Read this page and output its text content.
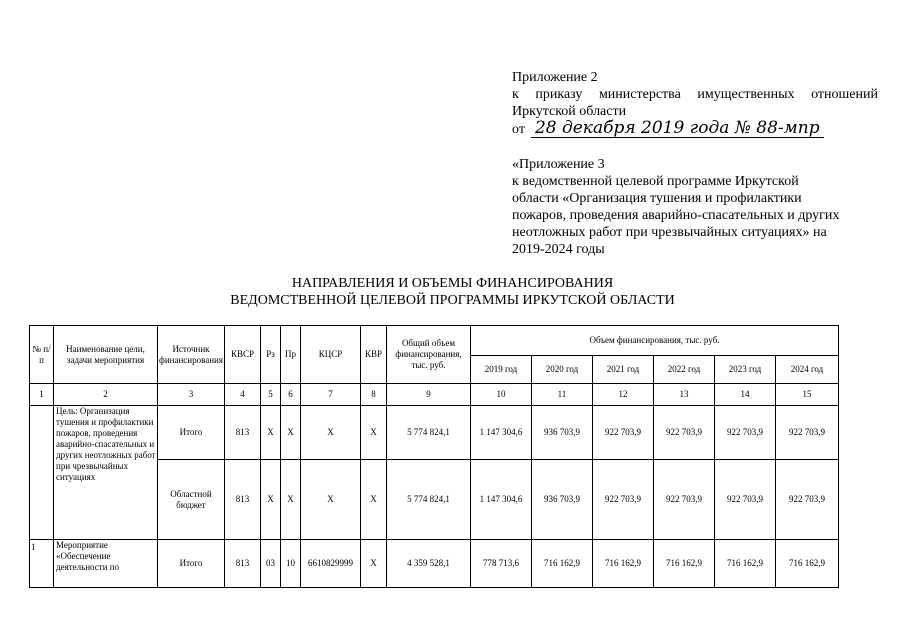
Приложение 2
к приказу министерства имущественных отношений
Иркутской области
от 28 декабря 2019 года № 88-мпр
«Приложение 3
к ведомственной целевой программе Иркутской
области «Организация тушения и профилактики
пожаров, проведения аварийно-спасательных и других
неотложных работ при чрезвычайных ситуациях» на
2019-2024 годы
НАПРАВЛЕНИЯ И ОБЪЕМЫ ФИНАНСИРОВАНИЯ
ВЕДОМСТВЕННОЙ ЦЕЛЕВОЙ ПРОГРАММЫ ИРКУТСКОЙ ОБЛАСТИ
№ п/п	Наименование цели, задачи мероприятия	Источник финансирования	КВСР	Рз	Пр	КЦСР	КВР	Общий объем финансирования, тыс. руб.	Объем финансирования, тыс. руб.					
									2019 год	2020 год	2021 год	2022 год	2023 год	2024 год
1	2	3	4	5	6	7	8	9	10	11	12	13	14	15
	Цель: Организация тушения и профилактики пожаров, проведения аварийно-спасательных и других неотложных работ при чрезвычайных ситуациях	Итого	813	Х	Х	Х	Х	5 774 824,1	1 147 304,6	936 703,9	922 703,9	922 703,9	922 703,9	922 703,9
		Областной бюджет	813	Х	Х	Х	Х	5 774 824,1	1 147 304,6	936 703,9	922 703,9	922 703,9	922 703,9	922 703,9
1	Мероприятие «Обеспечение деятельности по	Итого	813	03	10	6610829999	Х	4 359 528,1	778 713,6	716 162,9	716 162,9	716 162,9	716 162,9	716 162,9
